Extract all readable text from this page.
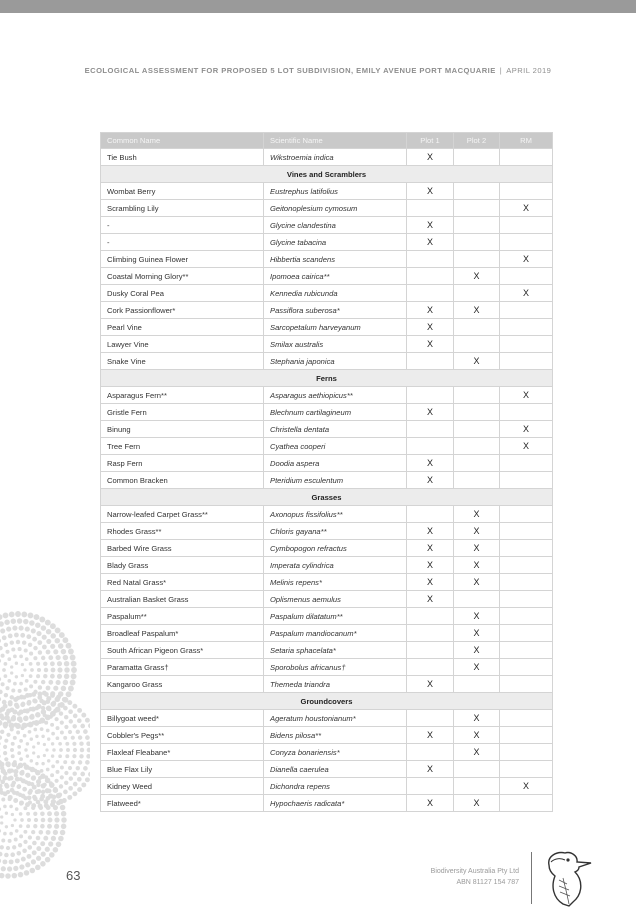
ECOLOGICAL ASSESSMENT FOR PROPOSED 5 LOT SUBDIVISION, EMILY AVENUE PORT MACQUARIE | APRIL 2019
Common Name	Scientific Name	Plot 1	Plot 2	RM
Tie Bush	Wikstroemia indica	X		
Vines and Scramblers				
Wombat Berry	Eustrephus latifolius	X		
Scrambling Lily	Geitonoplesium cymosum			X
-	Glycine clandestina	X		
-	Glycine tabacina	X		
Climbing Guinea Flower	Hibbertia scandens			X
Coastal Morning Glory**	Ipomoea cairica**		X	
Dusky Coral Pea	Kennedia rubicunda			X
Cork Passionflower*	Passiflora suberosa*	X	X	
Pearl Vine	Sarcopetalum harveyanum	X		
Lawyer Vine	Smilax australis	X		
Snake Vine	Stephania japonica		X	
Ferns				
Asparagus Fern**	Asparagus aethiopicus**			X
Gristle Fern	Blechnum cartilagineum	X		
Binung	Christella dentata			X
Tree Fern	Cyathea cooperi			X
Rasp Fern	Doodia aspera	X		
Common Bracken	Pteridium esculentum	X		
Grasses				
Narrow-leafed Carpet Grass**	Axonopus fissifolius**		X	
Rhodes Grass**	Chloris gayana**	X	X	
Barbed Wire Grass	Cymbopogon refractus	X	X	
Blady Grass	Imperata cylindrica	X	X	
Red Natal Grass*	Melinis repens*	X	X	
Australian Basket Grass	Oplismenus aemulus	X		
Paspalum**	Paspalum dilatatum**		X	
Broadleaf Paspalum*	Paspalum mandiocanum*		X	
South African Pigeon Grass*	Setaria sphacelata*		X	
Paramatta Grass†	Sporobolus africanus†		X	
Kangaroo Grass	Themeda triandra	X		
Groundcovers				
Billygoat weed*	Ageratum houstonianum*		X	
Cobbler's Pegs**	Bidens pilosa**	X	X	
Flaxleaf Fleabane*	Conyza bonariensis*		X	
Blue Flax Lily	Dianella caerulea	X		
Kidney Weed	Dichondra repens			X
Flatweed*	Hypochaeris radicata*	X	X	
63	Biodiversity Australia Pty Ltd
ABN 81127 154 787
